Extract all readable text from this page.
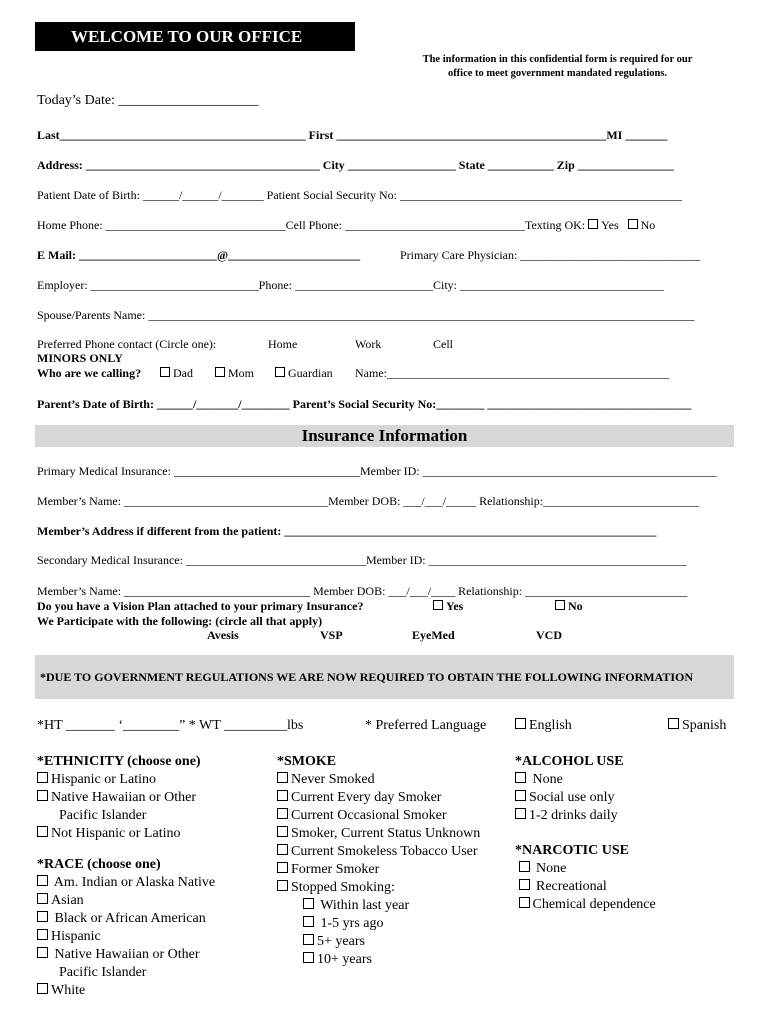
WELCOME TO OUR OFFICE
The information in this confidential form is required for our
office to meet government mandated regulations.
Today’s Date: ____________________
Last_________________________________________ First _____________________________________________MI _______
Address: _______________________________________ City __________________ State ___________ Zip ________________
Patient Date of Birth: ______/______/_______ Patient Social Security No: _______________________________________________
Home Phone: ______________________________Cell Phone: ______________________________Texting OK: Yes No
E Mail: _______________________@______________________	Primary Care Physician: ______________________________
Employer: ____________________________Phone: _______________________City: __________________________________
Spouse/Parents Name: ___________________________________________________________________________________________
Preferred Phone contact (Circle one):	Home	Work	Cell
MINORS ONLY
Who are we calling?	Dad	Mom	Guardian Name:_______________________________________________
Parent’s Date of Birth: ______/_______/________ Parent’s Social Security No:________ __________________________________
Insurance Information
Primary Medical Insurance: _______________________________Member ID: _________________________________________________
Member’s Name: __________________________________Member DOB: ___/___/_____ Relationship:__________________________
Member’s Address if different from the patient: ______________________________________________________________
Secondary Medical Insurance: ______________________________Member ID: ___________________________________________
Member’s Name: _______________________________ Member DOB: ___/___/____ Relationship: ___________________________
Do you have a Vision Plan attached to your primary Insurance?	Yes	No
We Participate with the following: (circle all that apply)
Avesis	VSP	EyeMed	VCD
*DUE TO GOVERNMENT REGULATIONS WE ARE NOW REQUIRED TO OBTAIN THE FOLLOWING INFORMATION
*HT _______ ‘________” * WT _________lbs	* Preferred Language	English	Spanish
*ETHNICITY (choose one)
Hispanic or Latino
Native Hawaiian or Other
Pacific Islander
Not Hispanic or Latino
*RACE (choose one)
Am. Indian or Alaska Native
Asian
Black or African American
Hispanic
Native Hawaiian or Other
Pacific Islander
White
*SMOKE
Never Smoked
Current Every day Smoker
Current Occasional Smoker
Smoker, Current Status Unknown
Current Smokeless Tobacco User
Former Smoker
Stopped Smoking:
Within last year
1-5 yrs ago
5+ years
10+ years
*ALCOHOL USE
None
Social use only
1-2 drinks daily
*NARCOTIC USE
None
Recreational
Chemical dependence
